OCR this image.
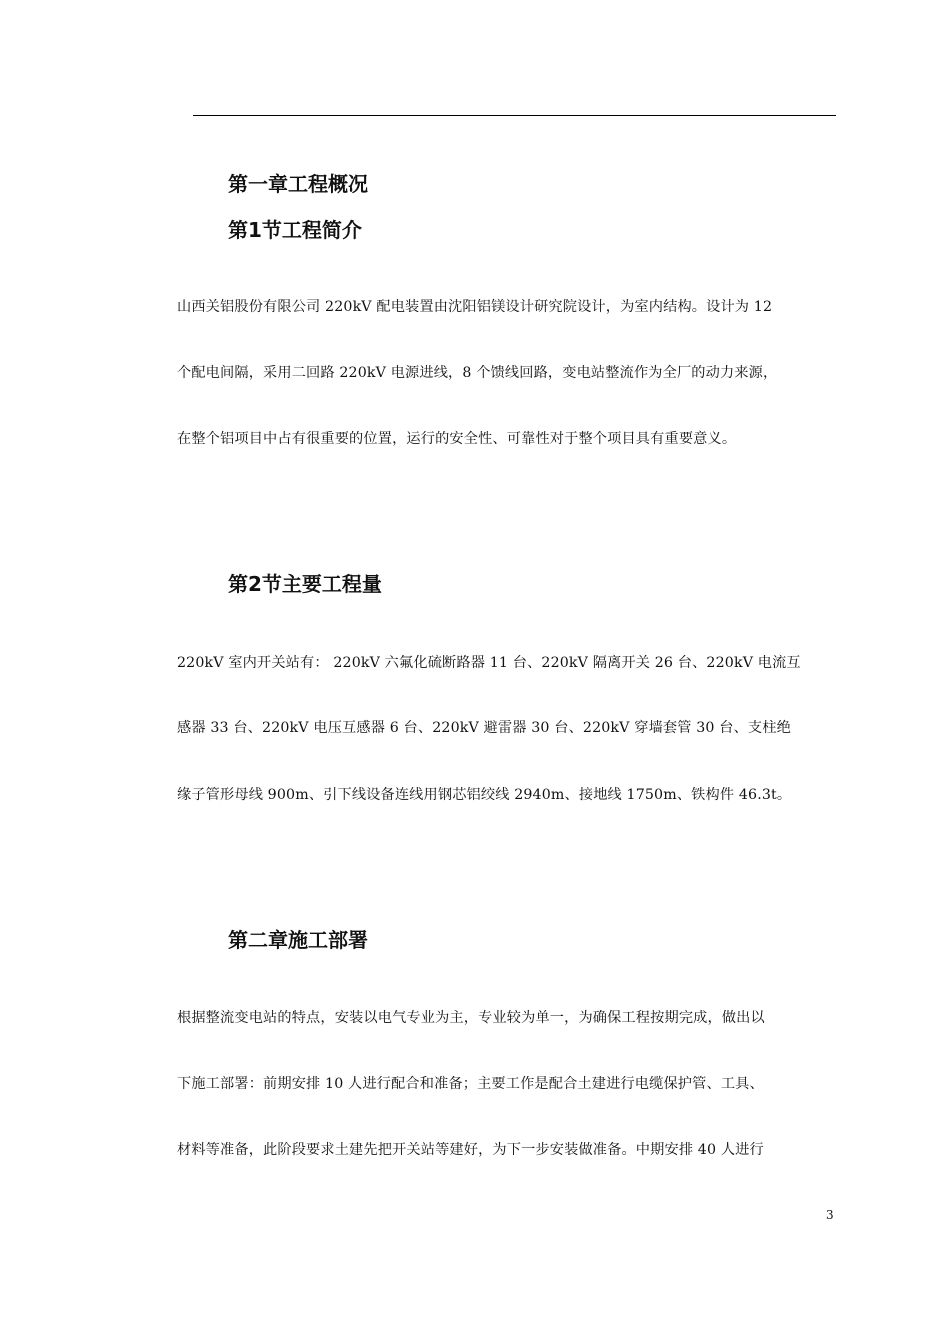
第一章工程概况
第1节工程简介

山西关铝股份有限公司 220kV 配电装置由沈阳铝镁设计研究院设计，为室内结构。设计为 12

个配电间隔，采用二回路 220kV 电源进线，8 个馈线回路，变电站整流作为全厂的动力来源，

在整个铝项目中占有很重要的位置，运行的安全性、可靠性对于整个项目具有重要意义。

第2节主要工程量

220kV 室内开关站有： 220kV 六氟化硫断路器 11 台、220kV 隔离开关 26 台、220kV 电流互

感器 33 台、220kV 电压互感器 6 台、220kV 避雷器 30 台、220kV 穿墙套管 30 台、支柱绝

缘子管形母线 900m、引下线设备连线用钢芯铝绞线 2940m、接地线 1750m、铁构件 46.3t。

第二章施工部署

根据整流变电站的特点，安装以电气专业为主，专业较为单一，为确保工程按期完成，做出以

下施工部署：前期安排 10 人进行配合和准备；主要工作是配合土建进行电缆保护管、工具、

材料等准备，此阶段要求土建先把开关站等建好，为下一步安装做准备。中期安排 40 人进行

3
